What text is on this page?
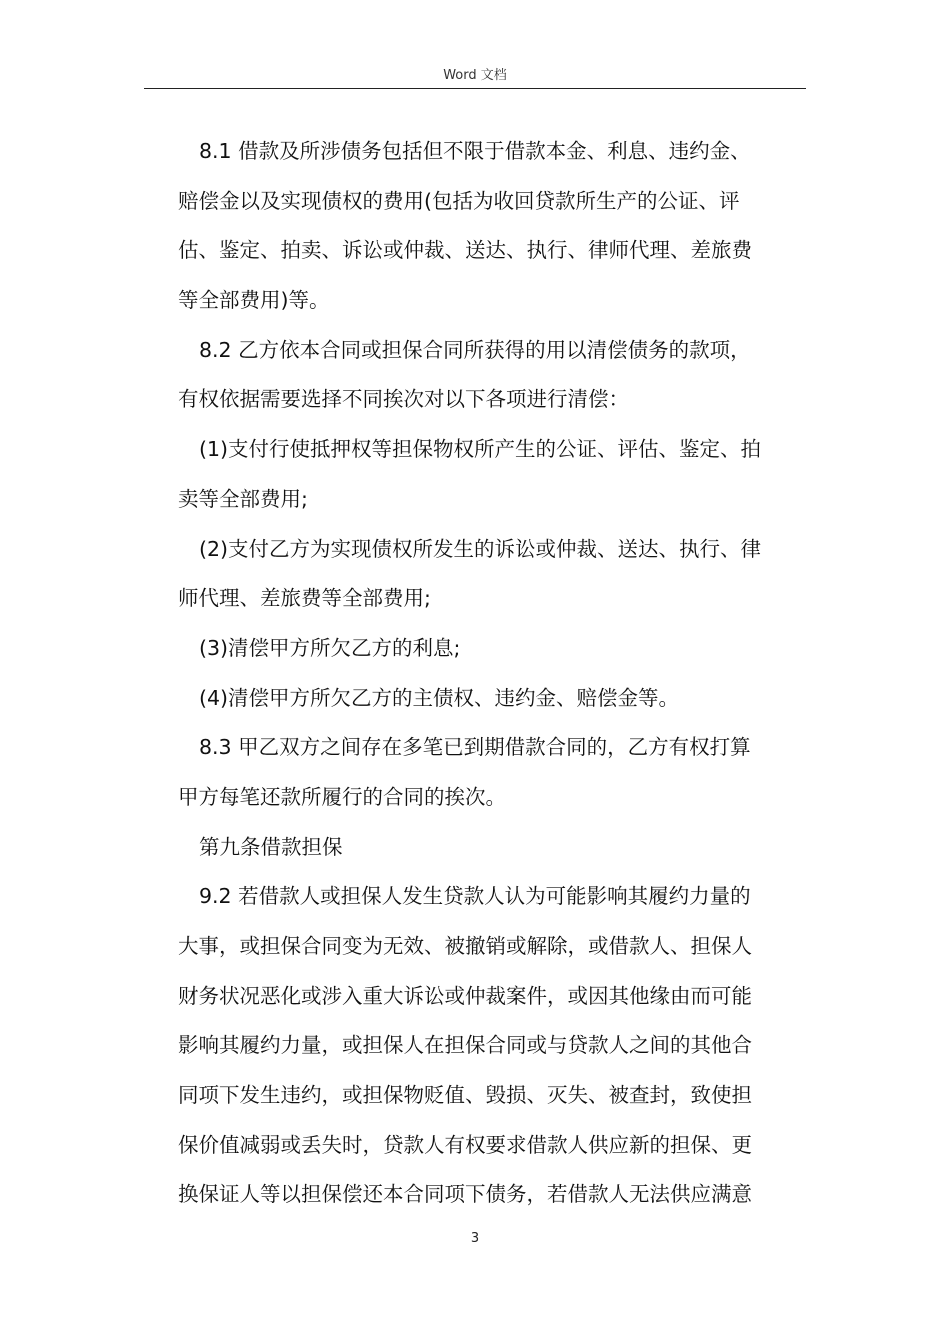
Word 文档
8.1 借款及所涉债务包括但不限于借款本金、利息、违约金、
赔偿金以及实现债权的费用(包括为收回贷款所生产的公证、评
估、鉴定、拍卖、诉讼或仲裁、送达、执行、律师代理、差旅费
等全部费用)等。
8.2 乙方依本合同或担保合同所获得的用以清偿债务的款项，
有权依据需要选择不同挨次对以下各项进行清偿：
(1)支付行使抵押权等担保物权所产生的公证、评估、鉴定、拍
卖等全部费用;
(2)支付乙方为实现债权所发生的诉讼或仲裁、送达、执行、律
师代理、差旅费等全部费用;
(3)清偿甲方所欠乙方的利息;
(4)清偿甲方所欠乙方的主债权、违约金、赔偿金等。
8.3 甲乙双方之间存在多笔已到期借款合同的，乙方有权打算
甲方每笔还款所履行的合同的挨次。
第九条借款担保
9.2 若借款人或担保人发生贷款人认为可能影响其履约力量的
大事，或担保合同变为无效、被撤销或解除，或借款人、担保人
财务状况恶化或涉入重大诉讼或仲裁案件，或因其他缘由而可能
影响其履约力量，或担保人在担保合同或与贷款人之间的其他合
同项下发生违约，或担保物贬值、毁损、灭失、被查封，致使担
保价值减弱或丢失时，贷款人有权要求借款人供应新的担保、更
换保证人等以担保偿还本合同项下债务，若借款人无法供应满意
3
